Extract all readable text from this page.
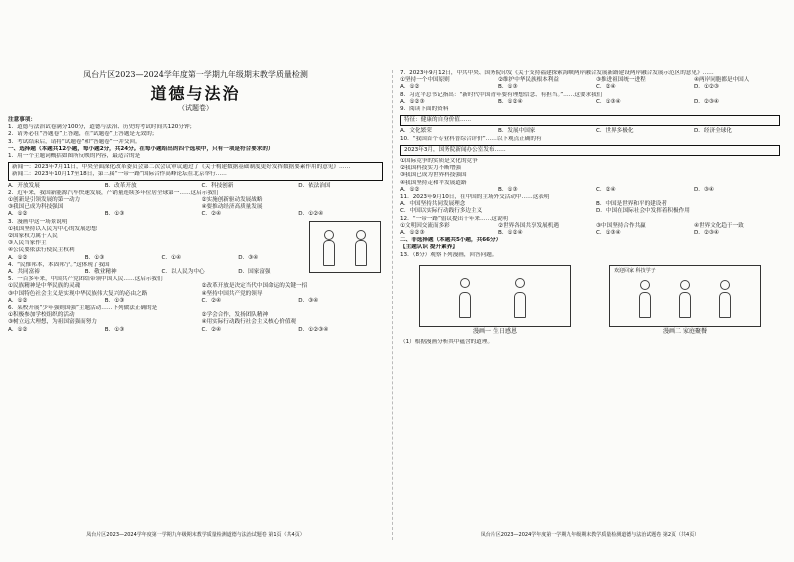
凤台片区2023—2024学年度第一学期九年级期末教学质量检测
道德与法治
（试题卷）
注意事项：
1．道德与法治试卷满分100分，道德与法治、历史的考试时间共120分钟；
2．请务必在“答题卷”上答题，在“试题卷”上答题是无效的；
3．考试结束后，请将“试题卷”和“答题卷”一并交回。
一、选择题（本题共12小题，每小题2分，共24分。在每小题给出的四个选项中，只有一项是符合要求的）
1．用一个主题词概括如图所反映的内容，最适合的是
新闻一：2023年7月11日，中央全面深化改革委员会第二次会议审议通过了《关于构建数据基础制度更好发挥数据要素作用的意见》……
新闻二：2023年10月17至18日，第三届“一带一路”国际合作高峰论坛在北京举行……
A．开放发展	B．改革开放	C．科技创新	D．依法治国
2．近年来，我国新能源汽车快速发展，产销量连续多年位居全球第一……这启示我们
①创新是引领发展的第一动力	②实施创新驱动发展战略
③我国已成为科技强国	④要推动经济高质量发展
A．①②	B．①③	C．②④	D．①②④
3．漫画中这一场景说明
①我国坚持以人民为中心的发展思想
②国家权力属于人民
③人民当家作主
④公民要依法行使民主权利
A．①②	B．①③	C．①④	D．③④
4．“民惟邦本，本固邦宁。”这体现了我国
A．共同富裕	B．敬业精神	C．以人民为中心	D．国家富强
5．一百多年来，中国共产党团结带领中国人民……这启示我们
①民族精神是中华民族的灵魂	②改革开放是决定当代中国命运的关键一招
③中国特色社会主义是实现中华民族伟大复兴的必由之路	④坚持中国共产党的领导
A．①②	B．①③	C．②④	D．③④
6．某校开展“少年强则国强”主题活动……下列做法正确的是
①积极参加学校组织的活动	②学会合作，发扬团队精神
③树立远大理想，为祖国富强而努力	④用实际行动践行社会主义核心价值观
A．①②	B．①③	C．②④	D．①②③④
凤台片区2023—2024学年度第一学期九年级期末教学质量检测道德与法治试题卷 第1页（共4页）
7．2023年9月12日，中共中央、国务院印发《关于支持福建探索海峡两岸融合发展新路建设两岸融合发展示范区的意见》……
①坚持一个中国原则	②维护中华民族根本利益	③推进祖国统一进程	④两岸同胞都是中国人
A．①②	B．①③	C．②④	D．①②③
8．习近平总书记指出：“新时代中国青年要有理想信念、有担当。”……这要求我们
A．①②③	B．①②④	C．①③④	D．②③④
9．阅读下面的资料
特征：健康的自身价值……
A．文化繁荣	B．发展中国家	C．世界多极化	D．经济全球化
10．“我国首个专业科普综合评价”……以下观点正确的有
2023年3月，国务院新闻办公室发布……
①国际竞争的实质是文化的竞争
②我国科技实力不断增强
③我国已成为世界科技强国
④我国坚持走和平发展道路
A．①②	B．①③	C．②④	D．③④
11．2023年9月10日，在中国的主场外交活动中……这表明
A．中国坚持共同发展理念	B．中国是世界和平的建设者
C．中国以实际行动践行多边主义	D．中国在国际社会中发挥着积极作用
12．“一带一路”倡议提出十年来……这说明
①文明因交流而多彩	②世界各国共享发展机遇	③中国坚持合作共赢	④世界文化趋于一致
A．①②③	B．①②④	C．①③④	D．②③④
二、非选择题（本题共5小题，共66分）
【主题认识 提升素养】
13．（8分）观察下列漫画，回答问题。
漫画一 生日感恩
欢迎回家 科技学子
漫画二 家庭聚餐
（1）根据漫画分析其中蕴含的道理。
凤台片区2023—2024学年度第一学期九年级期末教学质量检测道德与法治试题卷 第2页（共4页）
